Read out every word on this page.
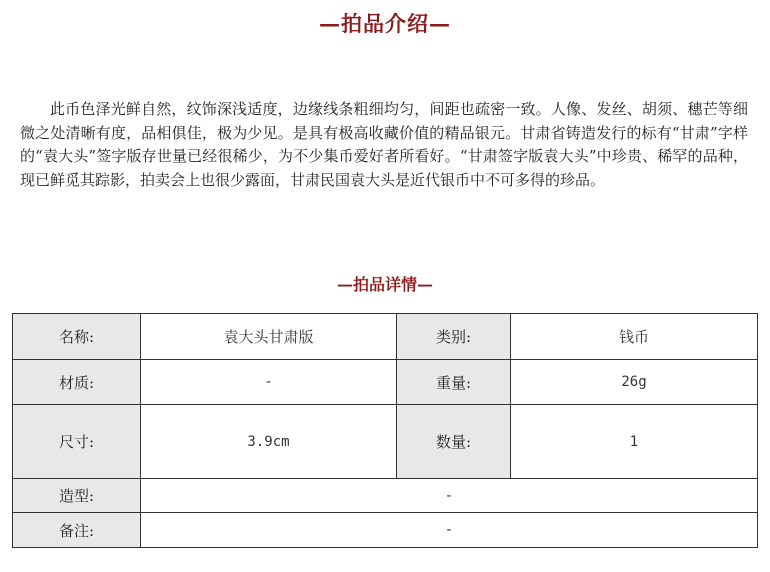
—拍品介绍—
此币色泽光鲜自然，纹饰深浅适度，边缘线条粗细均匀，间距也疏密一致。人像、发丝、胡须、穗芒等细微之处清晰有度，品相俱佳，极为少见。是具有极高收藏价值的精品银元。甘肃省铸造发行的标有“甘肃”字样的“袁大头”签字版存世量已经很稀少，为不少集币爱好者所看好。“甘肃签字版袁大头”中珍贵、稀罕的品种，现已鲜觅其踪影，拍卖会上也很少露面，甘肃民国袁大头是近代银币中不可多得的珍品。
—拍品详情—
名称:	袁大头甘肃版	类别:	钱币
材质:	-	重量:	26g
尺寸:	3.9cm	数量:	1
造型:	-		
备注:	-		
